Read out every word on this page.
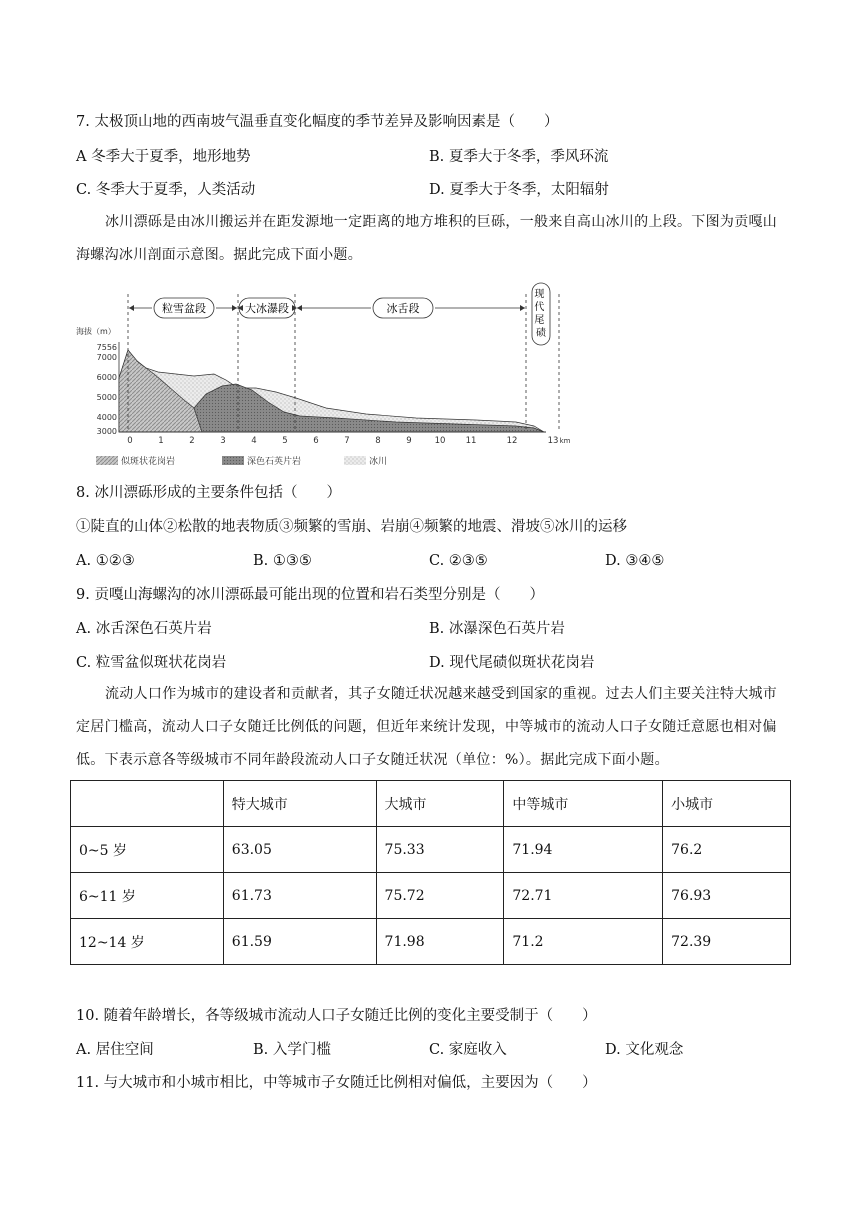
7. 太极顶山地的西南坡气温垂直变化幅度的季节差异及影响因素是（　　）
A 冬季大于夏季，地形地势	B. 夏季大于冬季，季风环流
C. 冬季大于夏季，人类活动	D. 夏季大于冬季，太阳辐射
冰川漂砾是由冰川搬运并在距发源地一定距离的地方堆积的巨砾，一般来自高山冰川的上段。下图为贡嘎山海螺沟冰川剖面示意图。据此完成下面小题。
粒雪盆段	大冰瀑段	冰舌段
现 代 尾 碛
海拔（m）
7556
7000
6000
5000
4000
3000
0	1	2	3	4	5	6	7	8	9	10 11	12	13 km
似斑状花岗岩	深色石英片岩	冰川
8. 冰川漂砾形成的主要条件包括（　　）
①陡直的山体②松散的地表物质③频繁的雪崩、岩崩④频繁的地震、滑坡⑤冰川的运移
A. ①②③	B. ①③⑤	C. ②③⑤	D. ③④⑤
9. 贡嘎山海螺沟的冰川漂砾最可能出现的位置和岩石类型分别是（　　）
A. 冰舌深色石英片岩	B. 冰瀑深色石英片岩
C. 粒雪盆似斑状花岗岩	D. 现代尾碛似斑状花岗岩
流动人口作为城市的建设者和贡献者，其子女随迁状况越来越受到国家的重视。过去人们主要关注特大城市定居门槛高，流动人口子女随迁比例低的问题，但近年来统计发现，中等城市的流动人口子女随迁意愿也相对偏低。下表示意各等级城市不同年龄段流动人口子女随迁状况（单位：%）。据此完成下面小题。
	特大城市	大城市	中等城市	小城市
0~5 岁	63.05	75.33	71.94	76.2
6~11 岁	61.73	75.72	72.71	76.93
12~14 岁	61.59	71.98	71.2	72.39
10. 随着年龄增长，各等级城市流动人口子女随迁比例的变化主要受制于（　　）
A. 居住空间	B. 入学门槛	C. 家庭收入	D. 文化观念
11. 与大城市和小城市相比，中等城市子女随迁比例相对偏低，主要因为（　　）
